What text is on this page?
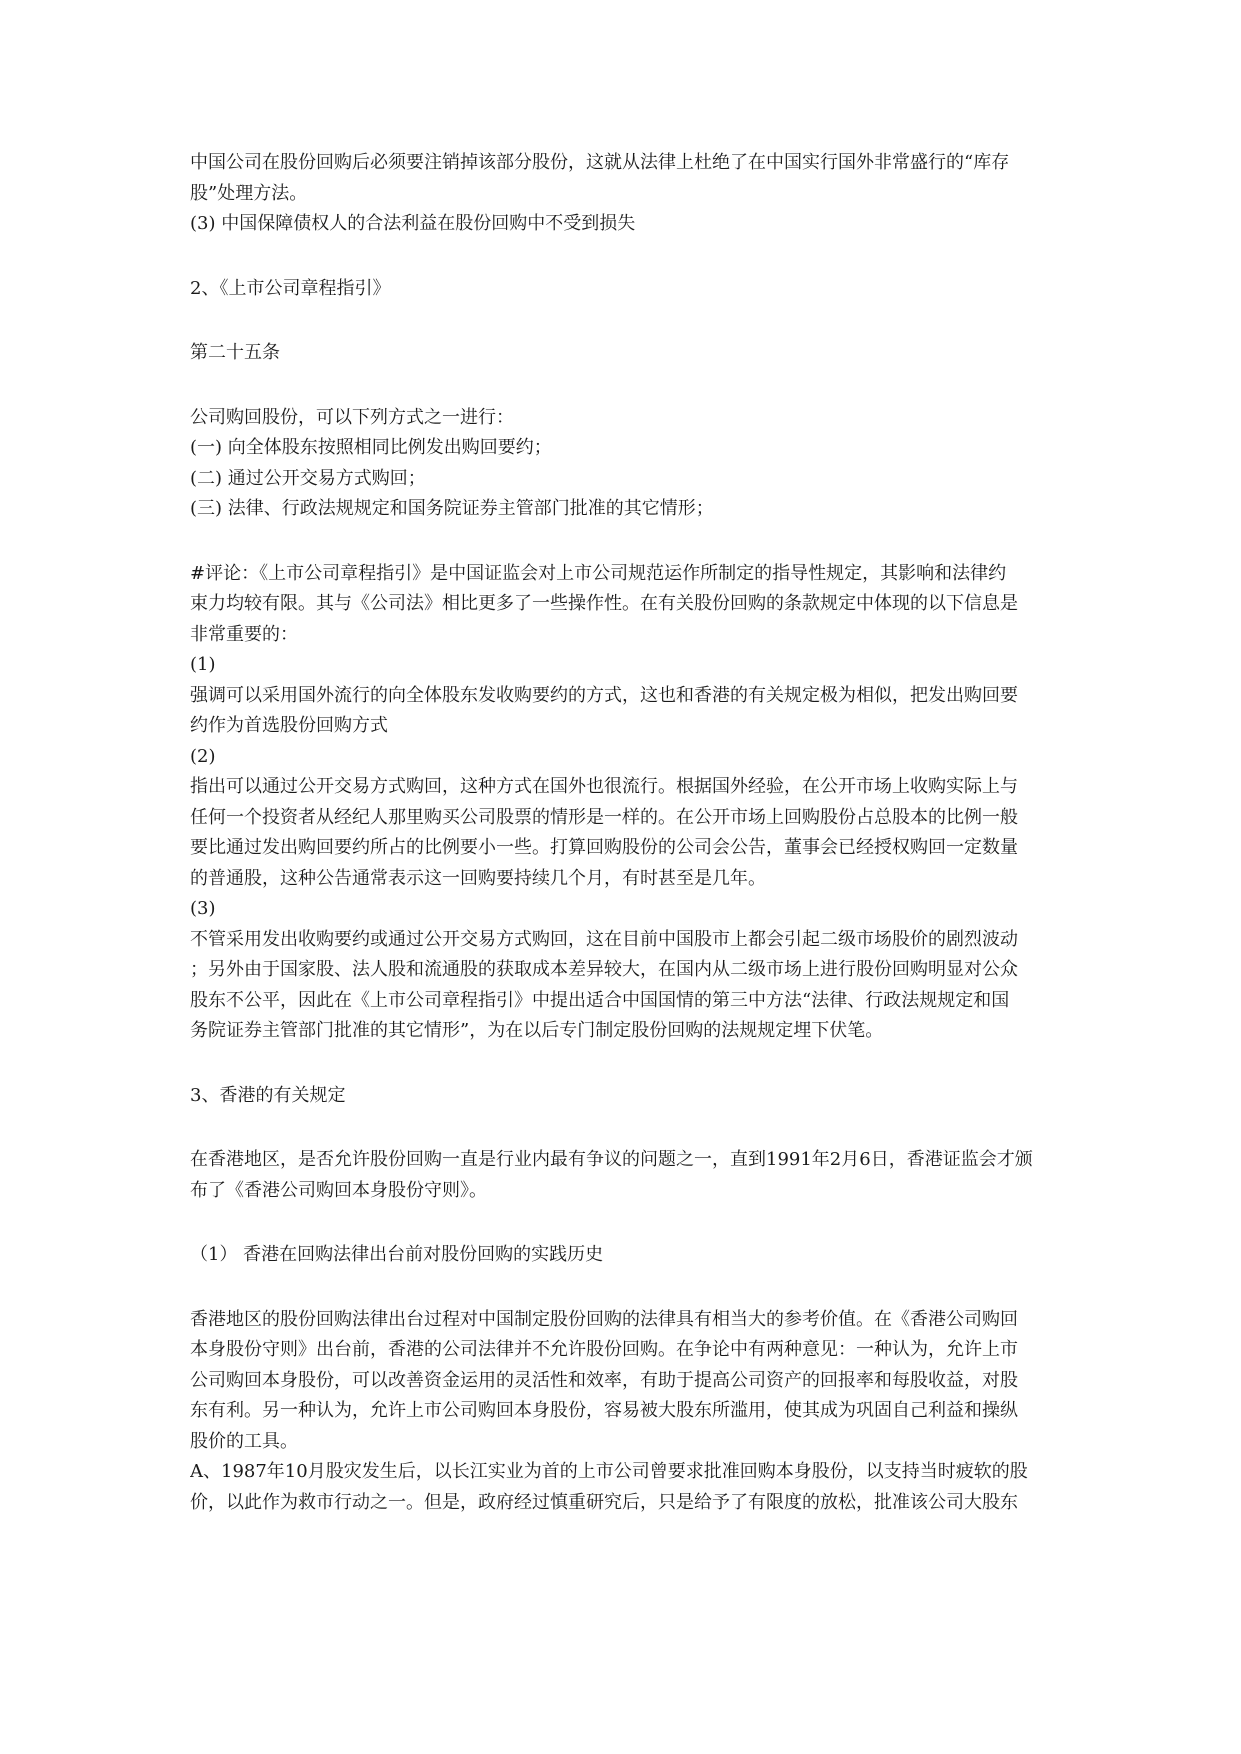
中国公司在股份回购后必须要注销掉该部分股份，这就从法律上杜绝了在中国实行国外非常盛行的“库存
股”处理方法。
(3) 中国保障债权人的合法利益在股份回购中不受到损失
2、《上市公司章程指引》
第二十五条
公司购回股份，可以下列方式之一进行：
(一) 向全体股东按照相同比例发出购回要约；
(二) 通过公开交易方式购回；
(三) 法律、行政法规规定和国务院证券主管部门批准的其它情形；
#评论：《上市公司章程指引》是中国证监会对上市公司规范运作所制定的指导性规定，其影响和法律约
束力均较有限。其与《公司法》相比更多了一些操作性。在有关股份回购的条款规定中体现的以下信息是
非常重要的：
(1)
强调可以采用国外流行的向全体股东发收购要约的方式，这也和香港的有关规定极为相似，把发出购回要
约作为首选股份回购方式
(2)
指出可以通过公开交易方式购回，这种方式在国外也很流行。根据国外经验，在公开市场上收购实际上与
任何一个投资者从经纪人那里购买公司股票的情形是一样的。在公开市场上回购股份占总股本的比例一般
要比通过发出购回要约所占的比例要小一些。打算回购股份的公司会公告，董事会已经授权购回一定数量
的普通股，这种公告通常表示这一回购要持续几个月，有时甚至是几年。
(3)
不管采用发出收购要约或通过公开交易方式购回，这在目前中国股市上都会引起二级市场股价的剧烈波动
；另外由于国家股、法人股和流通股的获取成本差异较大，在国内从二级市场上进行股份回购明显对公众
股东不公平，因此在《上市公司章程指引》中提出适合中国国情的第三中方法“法律、行政法规规定和国
务院证券主管部门批准的其它情形”，为在以后专门制定股份回购的法规规定埋下伏笔。
3、香港的有关规定
在香港地区，是否允许股份回购一直是行业内最有争议的问题之一，直到1991年2月6日，香港证监会才颁
布了《香港公司购回本身股份守则》。
（1） 香港在回购法律出台前对股份回购的实践历史
香港地区的股份回购法律出台过程对中国制定股份回购的法律具有相当大的参考价值。在《香港公司购回
本身股份守则》出台前，香港的公司法律并不允许股份回购。在争论中有两种意见：一种认为，允许上市
公司购回本身股份，可以改善资金运用的灵活性和效率，有助于提高公司资产的回报率和每股收益，对股
东有利。另一种认为，允许上市公司购回本身股份，容易被大股东所滥用，使其成为巩固自己利益和操纵
股价的工具。
A、1987年10月股灾发生后，以长江实业为首的上市公司曾要求批准回购本身股份，以支持当时疲软的股
价，以此作为救市行动之一。但是，政府经过慎重研究后，只是给予了有限度的放松，批准该公司大股东
